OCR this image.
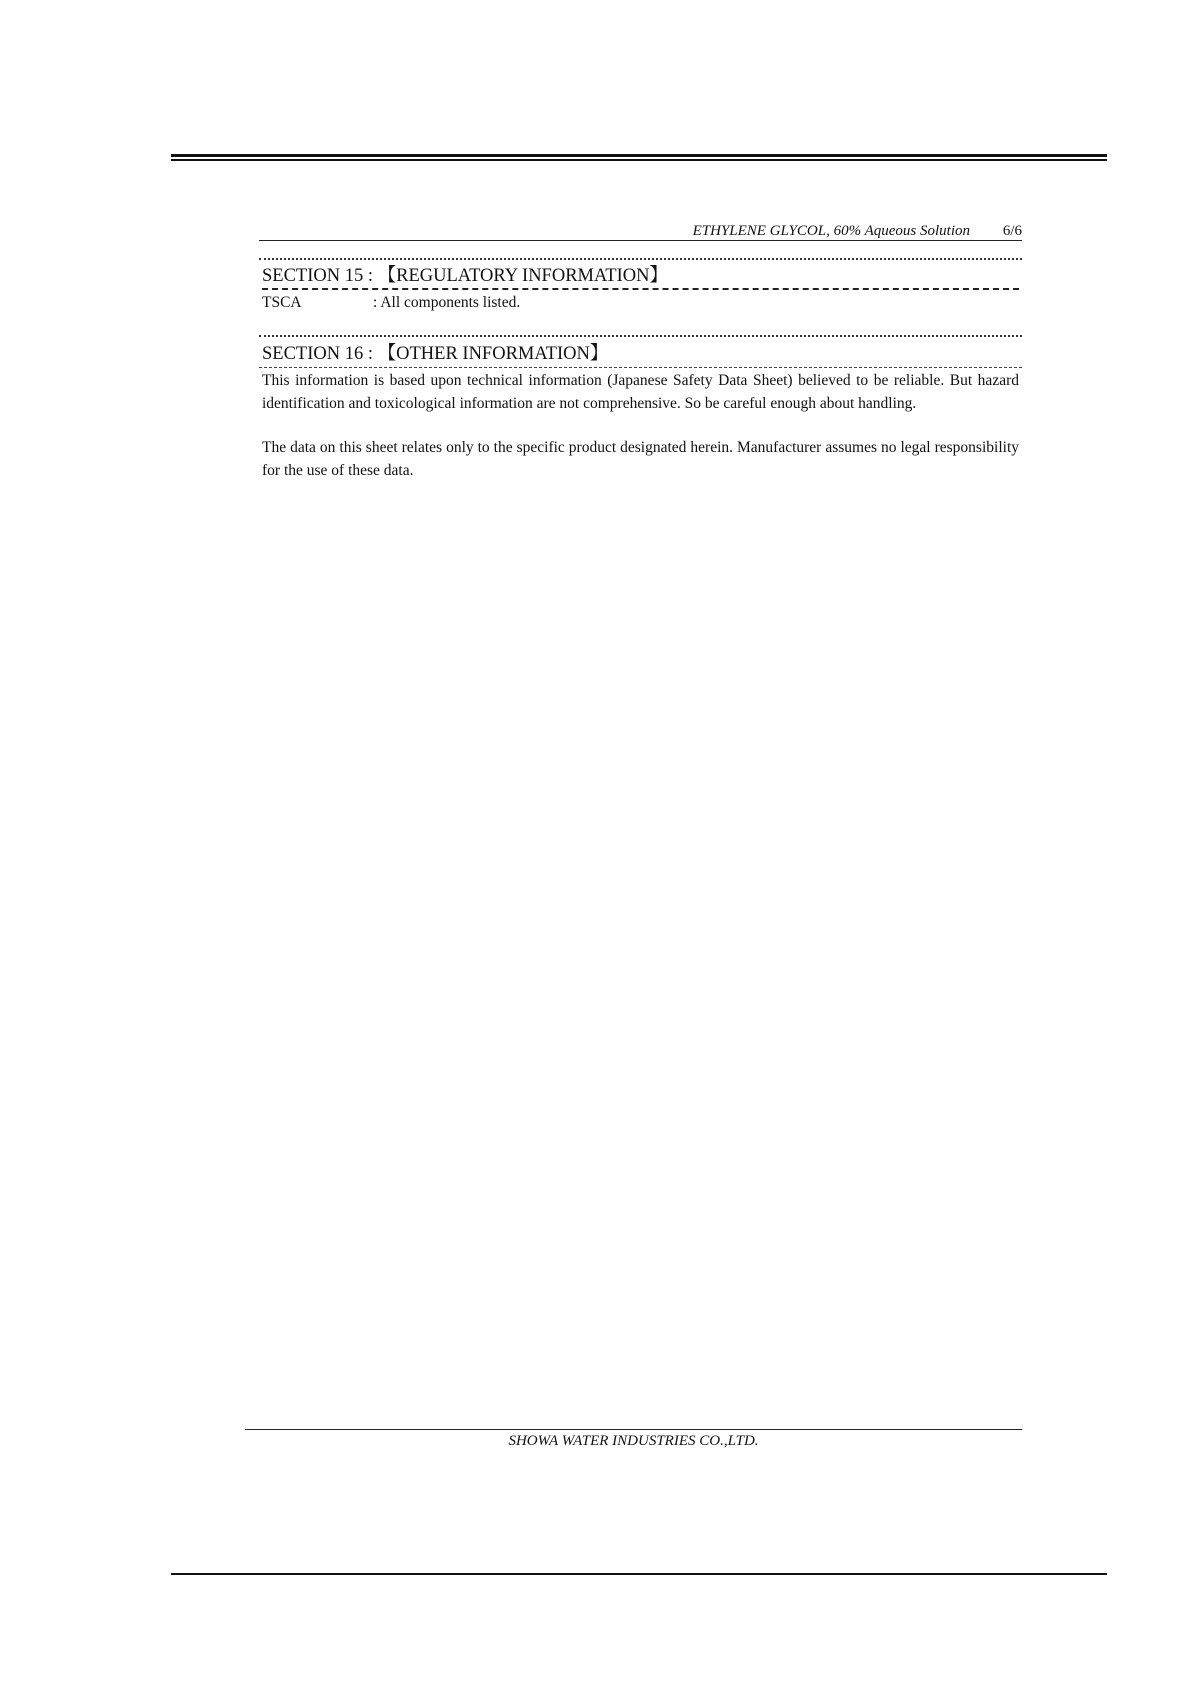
ETHYLENE GLYCOL, 60% Aqueous Solution 6/6
SECTION 15 : 【REGULATORY INFORMATION】
TSCA	: All components listed.
SECTION 16 : 【OTHER INFORMATION】
This information is based upon technical information (Japanese Safety Data Sheet) believed to be reliable. But hazard identification and toxicological information are not comprehensive. So be careful enough about handling.
The data on this sheet relates only to the specific product designated herein. Manufacturer assumes no legal responsibility for the use of these data.
SHOWA WATER INDUSTRIES CO.,LTD.
